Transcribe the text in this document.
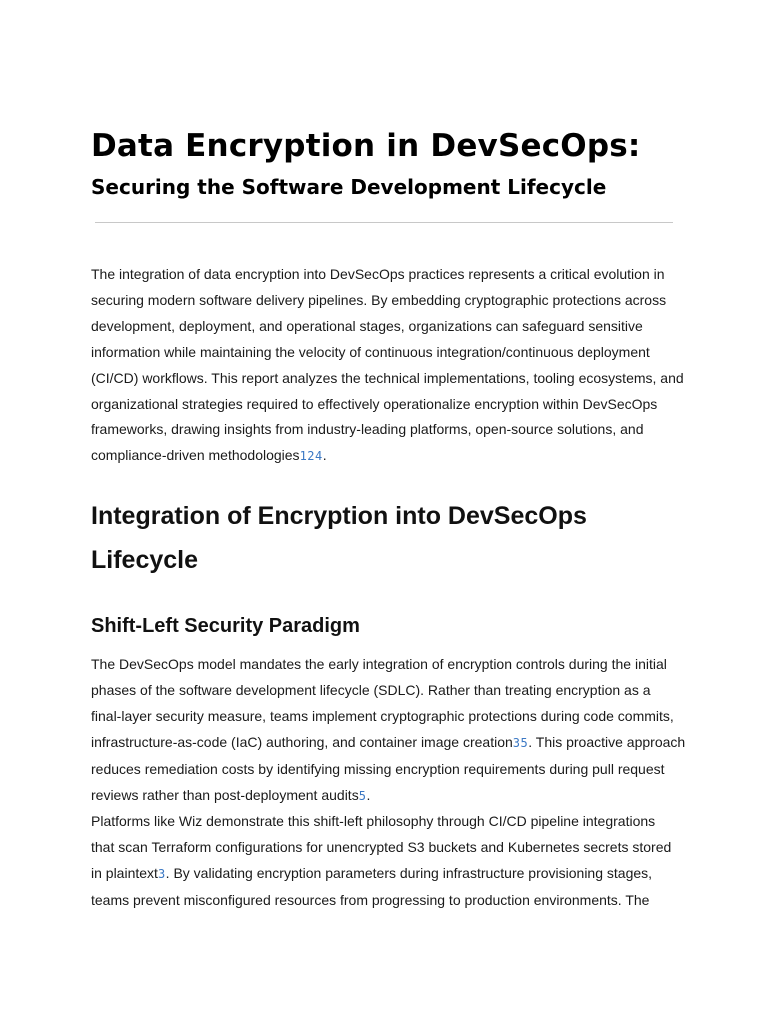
Data Encryption in DevSecOps:
Securing the Software Development Lifecycle

The integration of data encryption into DevSecOps practices represents a critical evolution in
securing modern software delivery pipelines. By embedding cryptographic protections across
development, deployment, and operational stages, organizations can safeguard sensitive
information while maintaining the velocity of continuous integration/continuous deployment
(CI/CD) workflows. This report analyzes the technical implementations, tooling ecosystems, and
organizational strategies required to effectively operationalize encryption within DevSecOps
frameworks, drawing insights from industry-leading platforms, open-source solutions, and
compliance-driven methodologies124.

Integration of Encryption into DevSecOps
Lifecycle
Shift-Left Security Paradigm

The DevSecOps model mandates the early integration of encryption controls during the initial
phases of the software development lifecycle (SDLC). Rather than treating encryption as a
final-layer security measure, teams implement cryptographic protections during code commits,
infrastructure-as-code (IaC) authoring, and container image creation35. This proactive approach
reduces remediation costs by identifying missing encryption requirements during pull request
reviews rather than post-deployment audits5.
Platforms like Wiz demonstrate this shift-left philosophy through CI/CD pipeline integrations
that scan Terraform configurations for unencrypted S3 buckets and Kubernetes secrets stored
in plaintext3. By validating encryption parameters during infrastructure provisioning stages,
teams prevent misconfigured resources from progressing to production environments. The
